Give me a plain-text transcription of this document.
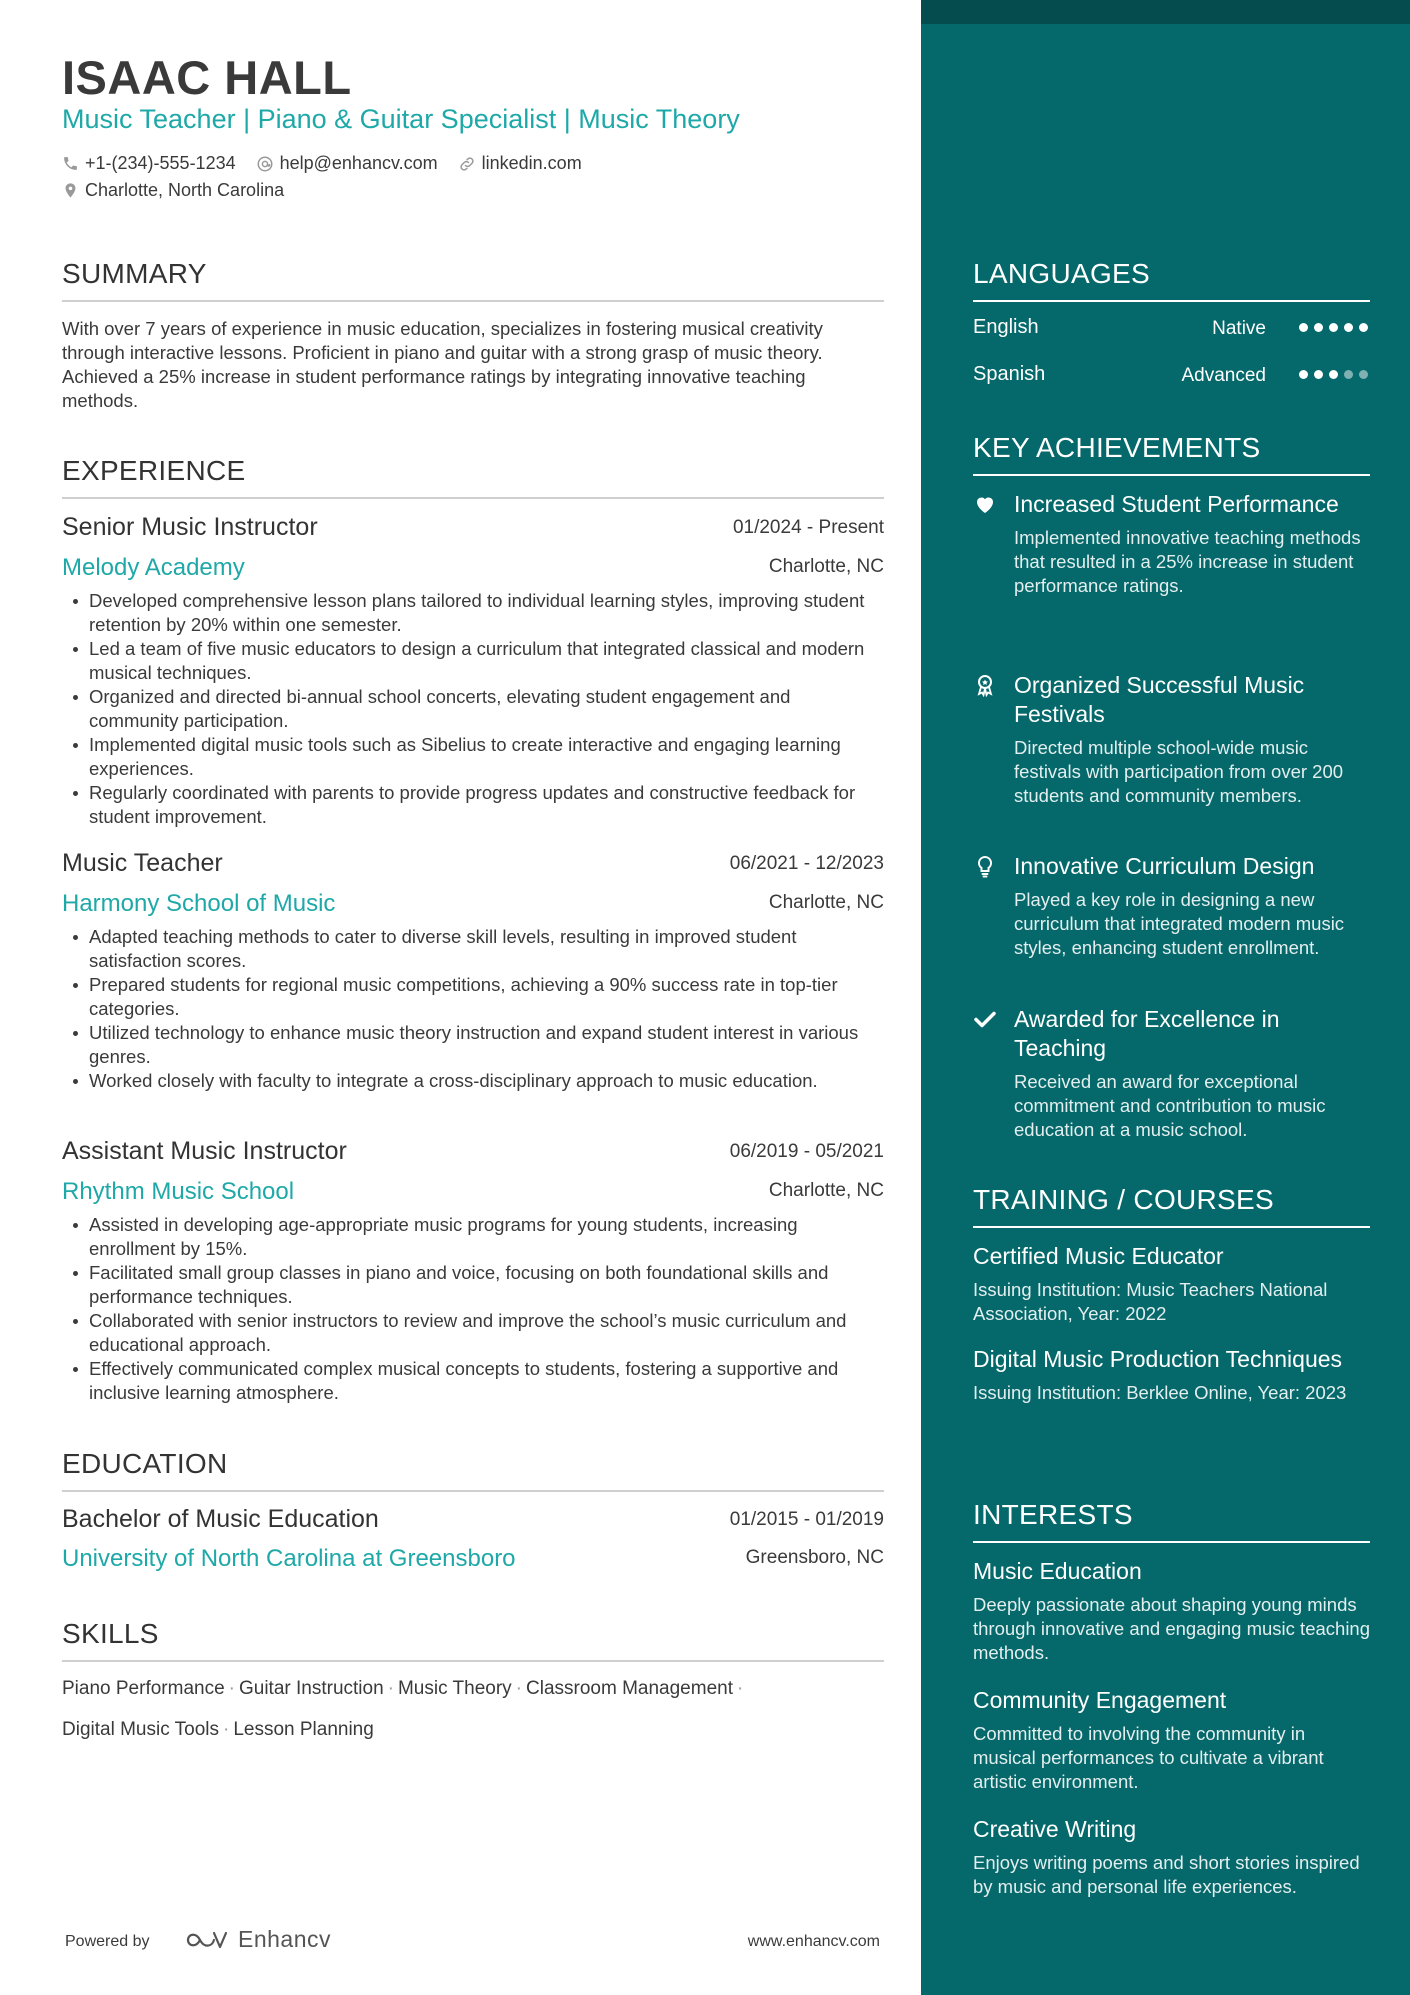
ISAAC HALL
Music Teacher | Piano & Guitar Specialist | Music Theory
+1-(234)-555-1234 help@enhancv.com linkedin.com
Charlotte, North Carolina
SUMMARY
With over 7 years of experience in music education, specializes in fostering musical creativity through interactive lessons. Proficient in piano and guitar with a strong grasp of music theory. Achieved a 25% increase in student performance ratings by integrating innovative teaching methods.
EXPERIENCE
Senior Music Instructor	01/2024 - Present
Melody Academy	Charlotte, NC
Developed comprehensive lesson plans tailored to individual learning styles, improving student retention by 20% within one semester.
Led a team of five music educators to design a curriculum that integrated classical and modern musical techniques.
Organized and directed bi-annual school concerts, elevating student engagement and community participation.
Implemented digital music tools such as Sibelius to create interactive and engaging learning experiences.
Regularly coordinated with parents to provide progress updates and constructive feedback for student improvement.
Music Teacher	06/2021 - 12/2023
Harmony School of Music	Charlotte, NC
Adapted teaching methods to cater to diverse skill levels, resulting in improved student satisfaction scores.
Prepared students for regional music competitions, achieving a 90% success rate in top-tier categories.
Utilized technology to enhance music theory instruction and expand student interest in various genres.
Worked closely with faculty to integrate a cross-disciplinary approach to music education.
Assistant Music Instructor	06/2019 - 05/2021
Rhythm Music School	Charlotte, NC
Assisted in developing age-appropriate music programs for young students, increasing enrollment by 15%.
Facilitated small group classes in piano and voice, focusing on both foundational skills and performance techniques.
Collaborated with senior instructors to review and improve the school’s music curriculum and educational approach.
Effectively communicated complex musical concepts to students, fostering a supportive and inclusive learning atmosphere.
EDUCATION
Bachelor of Music Education	01/2015 - 01/2019
University of North Carolina at Greensboro	Greensboro, NC
SKILLS
Piano Performance · Guitar Instruction · Music Theory · Classroom Management ·
Digital Music Tools · Lesson Planning
Powered by	Enhancv	www.enhancv.com
LANGUAGES
English	Native
Spanish	Advanced
KEY ACHIEVEMENTS
Increased Student Performance
Implemented innovative teaching methods that resulted in a 25% increase in student performance ratings.
Organized Successful Music Festivals
Directed multiple school-wide music festivals with participation from over 200 students and community members.
Innovative Curriculum Design
Played a key role in designing a new curriculum that integrated modern music styles, enhancing student enrollment.
Awarded for Excellence in Teaching
Received an award for exceptional commitment and contribution to music education at a music school.
TRAINING / COURSES
Certified Music Educator
Issuing Institution: Music Teachers National Association, Year: 2022
Digital Music Production Techniques
Issuing Institution: Berklee Online, Year: 2023
INTERESTS
Music Education
Deeply passionate about shaping young minds through innovative and engaging music teaching methods.
Community Engagement
Committed to involving the community in musical performances to cultivate a vibrant artistic environment.
Creative Writing
Enjoys writing poems and short stories inspired by music and personal life experiences.
